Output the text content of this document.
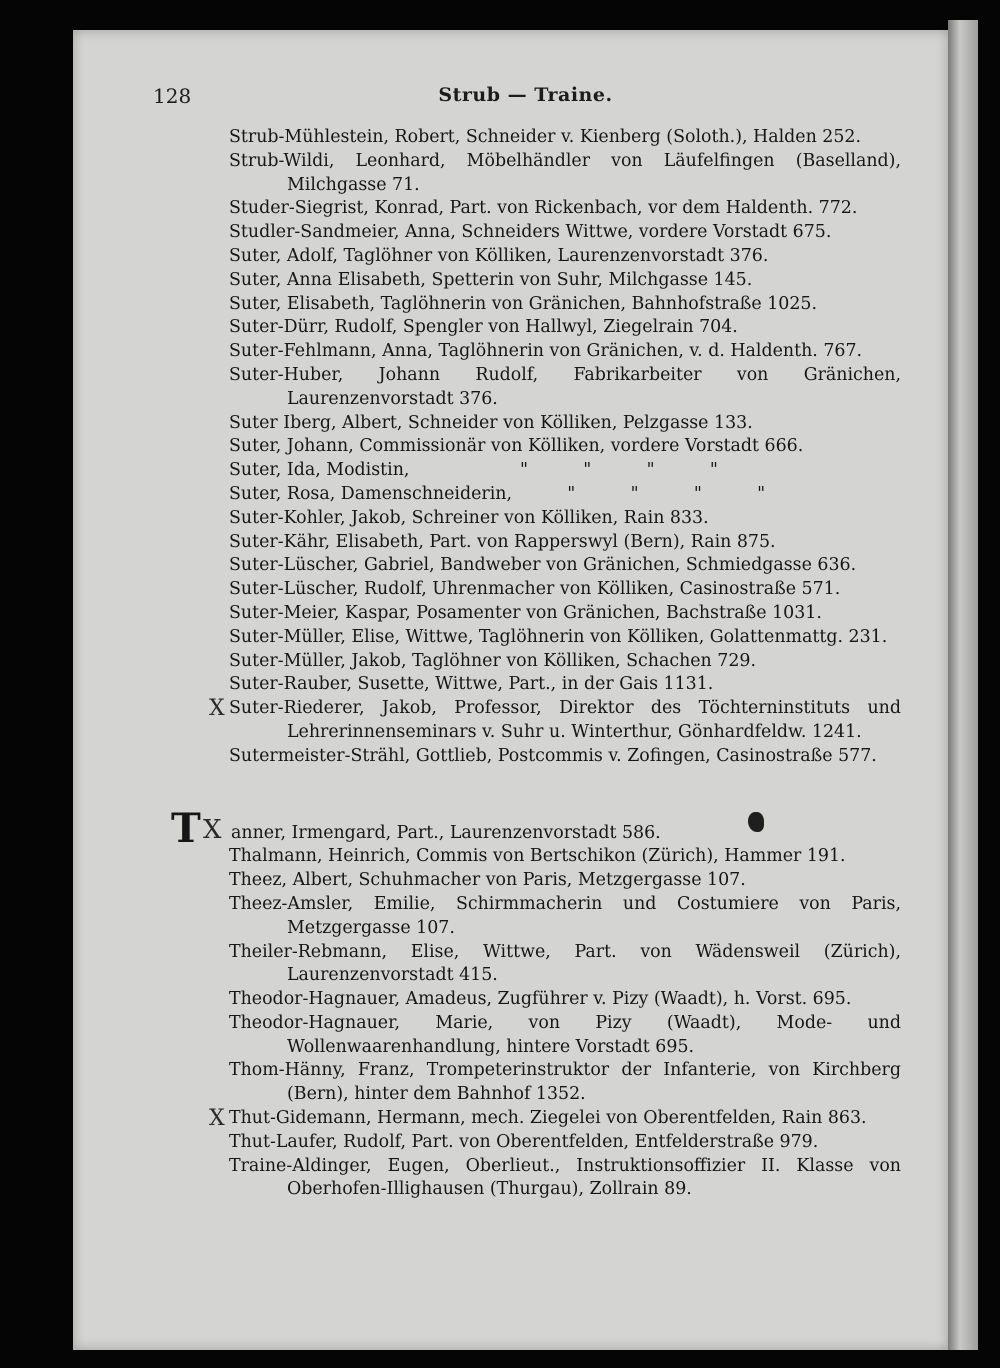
128	Strub — Traine.
Strub-Mühlestein, Robert, Schneider v. Kienberg (Soloth.), Halden 252.
Strub-Wildi, Leonhard, Möbelhändler von Läufelfingen (Baselland), Milchgasse 71.
Studer-Siegrist, Konrad, Part. von Rickenbach, vor dem Haldenth. 772.
Studler-Sandmeier, Anna, Schneiders Wittwe, vordere Vorstadt 675.
Suter, Adolf, Taglöhner von Kölliken, Laurenzenvorstadt 376.
Suter, Anna Elisabeth, Spetterin von Suhr, Milchgasse 145.
Suter, Elisabeth, Taglöhnerin von Gränichen, Bahnhofstraße 1025.
Suter-Dürr, Rudolf, Spengler von Hallwyl, Ziegelrain 704.
Suter-Fehlmann, Anna, Taglöhnerin von Gränichen, v. d. Haldenth. 767.
Suter-Huber, Johann Rudolf, Fabrikarbeiter von Gränichen, Laurenzenvorstadt 376.
Suter Iberg, Albert, Schneider von Kölliken, Pelzgasse 133.
Suter, Johann, Commissionär von Kölliken, vordere Vorstadt 666.
Suter, Ida, Modistin,                    "          "          "          "
Suter, Rosa, Damenschneiderin,          "          "          "          "
Suter-Kohler, Jakob, Schreiner von Kölliken, Rain 833.
Suter-Kähr, Elisabeth, Part. von Rapperswyl (Bern), Rain 875.
Suter-Lüscher, Gabriel, Bandweber von Gränichen, Schmiedgasse 636.
Suter-Lüscher, Rudolf, Uhrenmacher von Kölliken, Casinostraße 571.
Suter-Meier, Kaspar, Posamenter von Gränichen, Bachstraße 1031.
Suter-Müller, Elise, Wittwe, Taglöhnerin von Kölliken, Golattenmattg. 231.
Suter-Müller, Jakob, Taglöhner von Kölliken, Schachen 729.
Suter-Rauber, Susette, Wittwe, Part., in der Gais 1131.
X Suter-Riederer, Jakob, Professor, Direktor des Töchterninstituts und Lehrerinnenseminars v. Suhr u. Winterthur, Gönhardfeldw. 1241.
Sutermeister-Strähl, Gottlieb, Postcommis v. Zofingen, Casinostraße 577.
X anner, Irmengard, Part., Laurenzenvorstadt 586.
Thalmann, Heinrich, Commis von Bertschikon (Zürich), Hammer 191.
Theez, Albert, Schuhmacher von Paris, Metzgergasse 107.
Theez-Amsler, Emilie, Schirmmacherin und Costumiere von Paris, Metzgergasse 107.
Theiler-Rebmann, Elise, Wittwe, Part. von Wädensweil (Zürich), Laurenzenvorstadt 415.
Theodor-Hagnauer, Amadeus, Zugführer v. Pizy (Waadt), h. Vorst. 695.
Theodor-Hagnauer, Marie, von Pizy (Waadt), Mode- und Wollenwaarenhandlung, hintere Vorstadt 695.
Thom-Hänny, Franz, Trompeterinstruktor der Infanterie, von Kirchberg (Bern), hinter dem Bahnhof 1352.
X Thut-Gidemann, Hermann, mech. Ziegelei von Oberentfelden, Rain 863.
Thut-Laufer, Rudolf, Part. von Oberentfelden, Entfelderstraße 979.
Traine-Aldinger, Eugen, Oberlieut., Instruktionsoffizier II. Klasse von Oberhofen-Illighausen (Thurgau), Zollrain 89.
